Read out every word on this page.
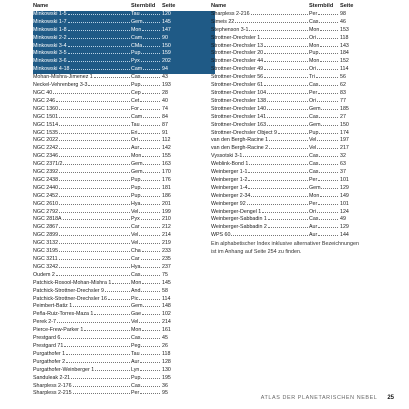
Name	Sternbild	Seite
Minkowski 1-5	Tau	120
Minkowski 1-7	Gem	145
Minkowski 1-8	Mon	147
Minkowski 2-2	Cam	90
Minkowski 3-4	CMa	150
Minkowski 3-5	Pup	159
Minkowski 3-6	Pyx	202
Minkowski 4-18	Cam	94
Mohan-Mishra-Jimenez 1	Cas	43
Neckel-Vehrenberg 3-3	Pup	193
NGC 40	Cep	28
NGC 246	Cet	40
NGC 1360	For	74
NGC 1501	Cam	84
NGC 1514	Tau	87
NGC 1535	Eri	91
NGC 2022	Ori	112
NGC 2242	Aur	142
NGC 2346	Mon	155
NGC 2371/2	Gem	163
NGC 2392	Gem	170
NGC 2438	Pup	176
NGC 2440	Pup	181
NGC 2452	Pup	186
NGC 2610	Hya	201
NGC 2792	Vel	199
NGC 2818A	Pyx	210
NGC 2867	Car	212
NGC 2899	Vel	214
NGC 3132	Vel	219
NGC 3195	Cha	233
NGC 3211	Car	235
NGC 3242	Hya	237
Oudem 2	Cas	75
Patchick-Rosool-Mohan-Mishra 1	Mon	145
Patchick-Strottner-Drechsler 9	And	58
Patchick-Strottner-Drechsler 16	Pic	114
Peimbert-Batiz 1	Gem	148
Peña-Ruiz-Torres-Maza 1	Gae	102
Perek 2-7	Vel	214
Pierce-Frew-Parker 1	Mon	161
Prestgard 6	Cas	45
Prestgard 71	Peg	26
Purgathofer 1	Tau	118
Purgathofer 2	Aur	128
Purgathofer-Weinberger 1	Lyn	130
Sanduleak 2-21	Pup	195
Sharpless 2-176	Cas	36
Sharpless 2-215	Per	95
Name	Sternbild	Seite
Sharpless 2-216	Per	98
Simeis 22	Cas	46
Stephenson 3-1	Mon	153
Strottner-Drechsler 1	Ori	118
Strottner-Drechsler 13	Mon	143
Strottner-Drechsler 20	Pup	184
Strottner-Drechsler 44	Mon	152
Strottner-Drechsler 49	Ori	114
Strottner-Drechsler 56	Tri	56
Strottner-Drechsler 61	Cas	62
Strottner-Drechsler 104	Per	83
Strottner-Drechsler 138	Ori	77
Strottner-Drechsler 140	Gem	185
Strottner-Drechsler 141	Cas	27
Strottner-Drechsler 163	Gem	150
Strottner-Drechsler Object 9	Pup	174
van den Bergh-Racine 1	Vel	197
van den Bergh-Racine 2	Vel	217
Vyssotski 3-1	Cas	32
Weblink-Bond 1	Cas	63
Weinberger 1-1	Cas	37
Weinberger 1-2	Per	101
Weinberger 1-4	Gem	129
Weinberger 2-34	Mon	149
Weinberger 92	Per	101
Weinberger-Dengel 1	Ori	124
Weinberger-Sabbadin 1	Cas	49
Weinberger-Sabbadin 2	Aur	129
WPS 60	Aur	144
Ein alphabetischer Index inklusive alternativer Bezeichnungen ist im Anhang auf Seite 254 zu finden.
ATLAS DER PLANETARISCHEN NEBEL 25
